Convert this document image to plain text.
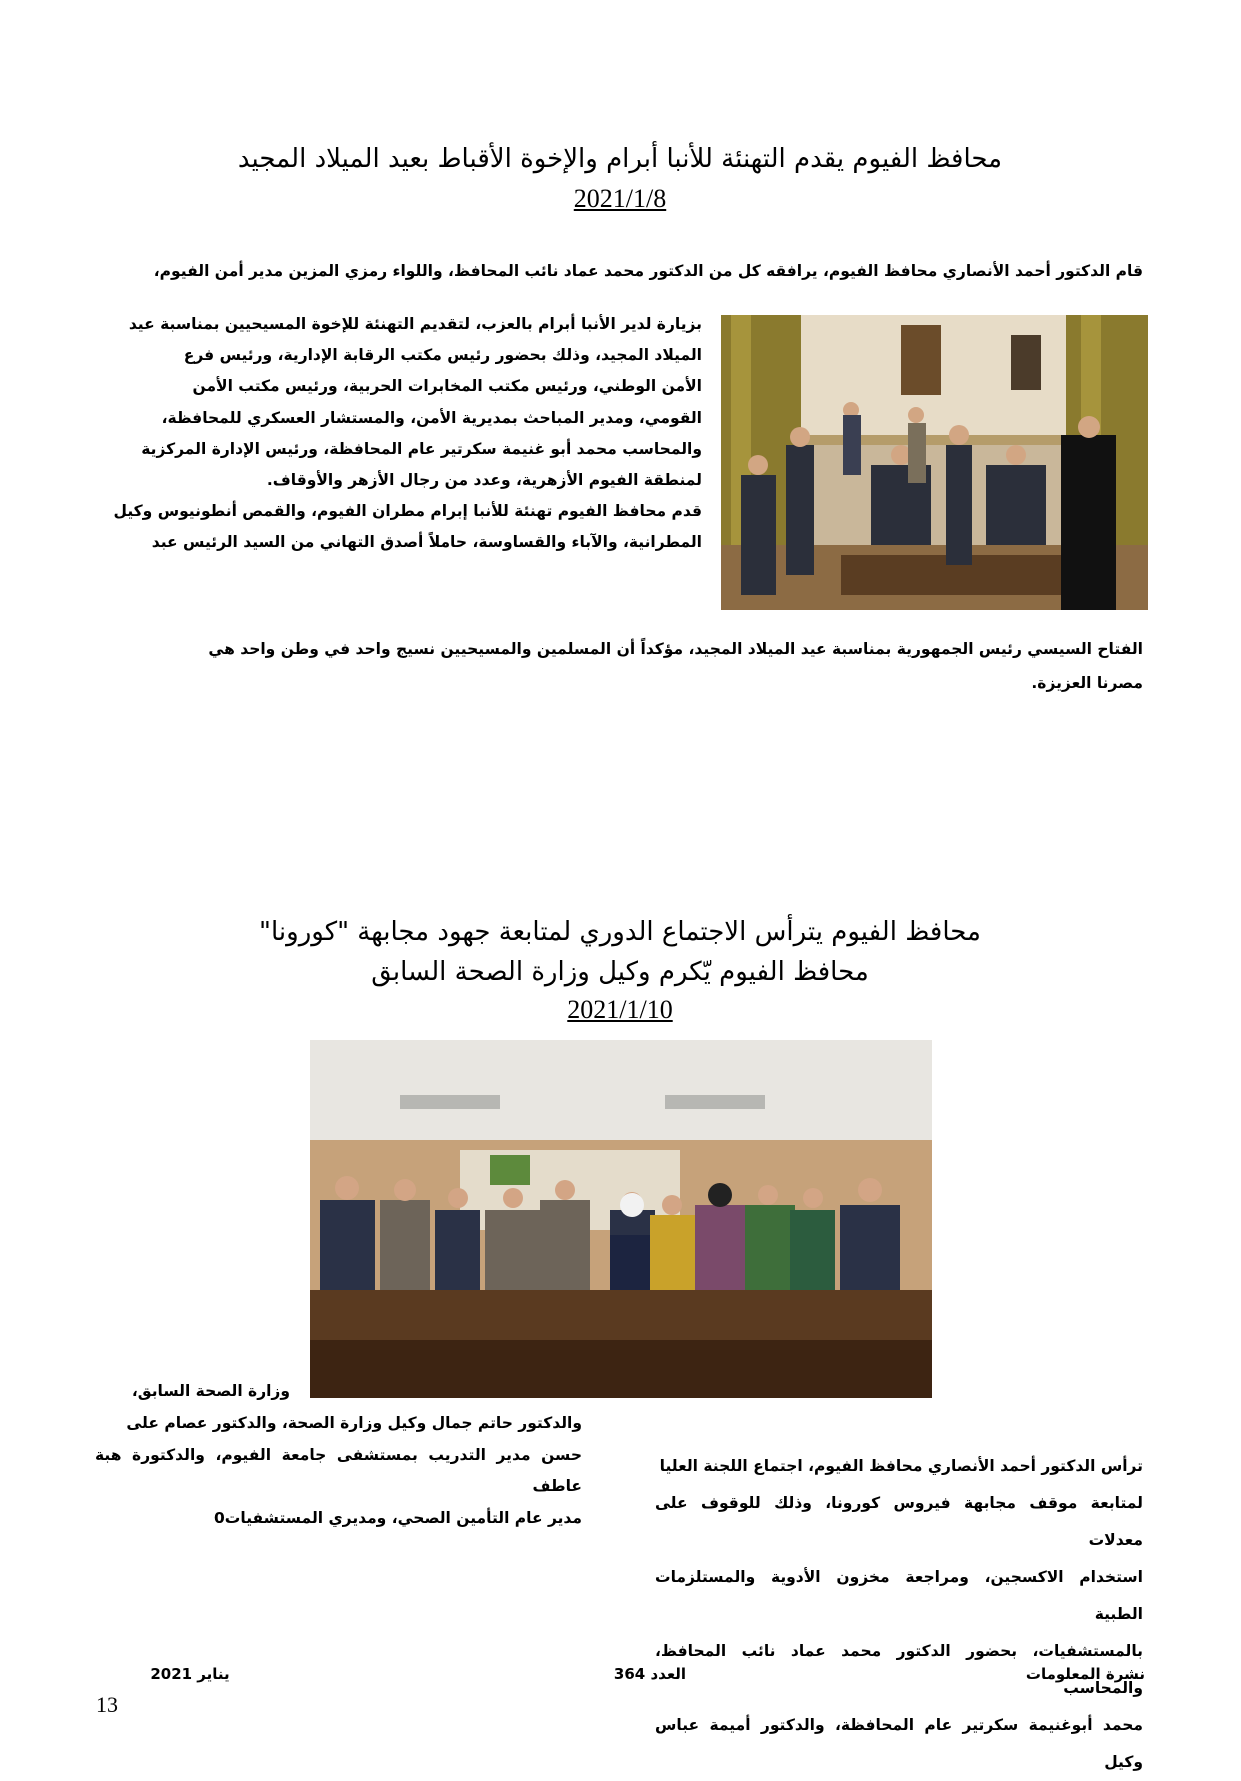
محافظ الفيوم يقدم التهنئة للأنبا أبرام والإخوة الأقباط بعيد الميلاد المجيد
2021/1/8
قام الدكتور أحمد الأنصاري محافظ الفيوم، يرافقه كل من الدكتور محمد عماد نائب المحافظ، واللواء رمزي المزين مدير أمن الفيوم،
بزيارة لدير الأنبا أبرام بالعزب، لتقديم التهنئة للإخوة المسيحيين بمناسبة عيد
الميلاد المجيد، وذلك بحضور رئيس مكتب الرقابة الإدارية، ورئيس فرع
الأمن الوطني، ورئيس مكتب المخابرات الحربية، ورئيس مكتب الأمن
القومي، ومدير المباحث بمديرية الأمن، والمستشار العسكري للمحافظة،
والمحاسب محمد أبو غنيمة سكرتير عام المحافظة، ورئيس الإدارة المركزية
لمنطقة الفيوم الأزهرية، وعدد من رجال الأزهر والأوقاف.
قدم محافظ الفيوم تهنئة للأنبا إبرام مطران الفيوم، والقمص أنطونيوس وكيل
المطرانية، والآباء والقساوسة، حاملاً أصدق التهاني من السيد الرئيس عبد
الفتاح السيسي رئيس الجمهورية بمناسبة عيد الميلاد المجيد، مؤكداً أن المسلمين والمسيحيين نسيج واحد في وطن واحد هي
مصرنا العزيزة.
محافظ الفيوم يترأس الاجتماع الدوري لمتابعة جهود مجابهة "كورونا"
محافظ الفيوم يّكرم وكيل وزارة الصحة السابق
2021/1/10
وزارة الصحة السابق،
والدكتور حاتم جمال وكيل وزارة الصحة، والدكتور عصام على
حسن مدير التدريب بمستشفى جامعة الفيوم، والدكتورة هبة عاطف
مدير عام التأمين الصحي، ومديري المستشفيات0
ترأس الدكتور أحمد الأنصاري محافظ الفيوم، اجتماع اللجنة العليا
لمتابعة موقف مجابهة فيروس كورونا، وذلك للوقوف على معدلات
استخدام الاكسجين، ومراجعة مخزون الأدوية والمستلزمات الطبية
بالمستشفيات، بحضور الدكتور محمد عماد نائب المحافظ، والمحاسب
محمد أبوغنيمة سكرتير عام المحافظة، والدكتور أميمة عباس وكيل
نشرة المعلومات
العدد 364
يناير 2021
13
